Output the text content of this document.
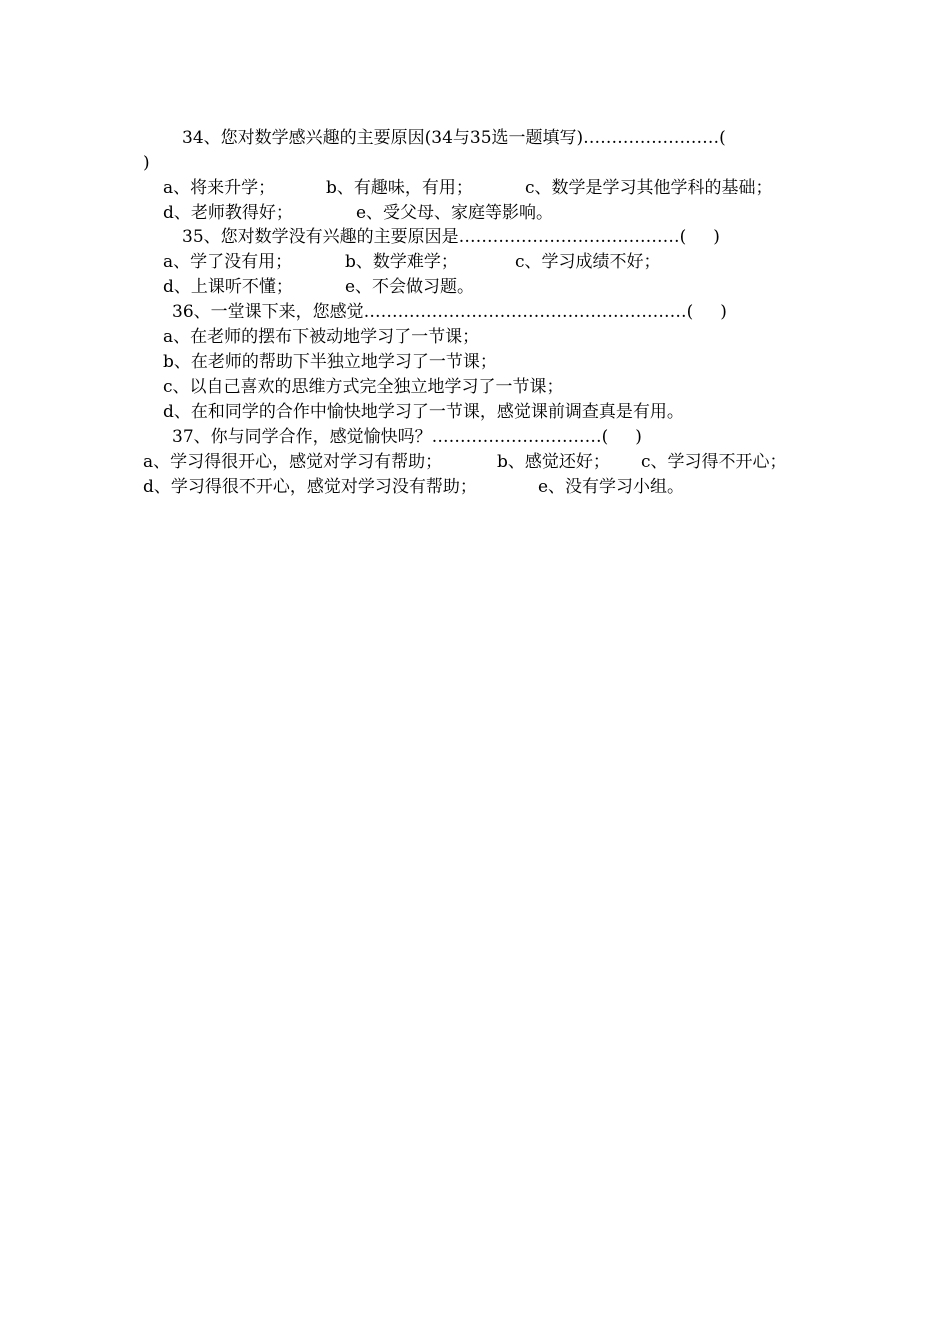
34、您对数学感兴趣的主要原因(34与35选一题填写)……………………(
)
a、将来升学；	b、有趣味，有用；	c、数学是学习其他学科的基础；
d、老师教得好；	e、受父母、家庭等影响。
35、您对数学没有兴趣的主要原因是…………………………………(     )
a、学了没有用；	b、数学难学；	c、学习成绩不好；
d、上课听不懂；	e、不会做习题。
36、一堂课下来，您感觉…………………………………………………(     )
a、在老师的摆布下被动地学习了一节课；
b、在老师的帮助下半独立地学习了一节课；
c、以自己喜欢的思维方式完全独立地学习了一节课；
d、在和同学的合作中愉快地学习了一节课，感觉课前调查真是有用。
37、你与同学合作，感觉愉快吗？…………………………(     )
a、学习得很开心，感觉对学习有帮助；	b、感觉还好； c、学习得不开心；
d、学习得很不开心，感觉对学习没有帮助；	e、没有学习小组。
